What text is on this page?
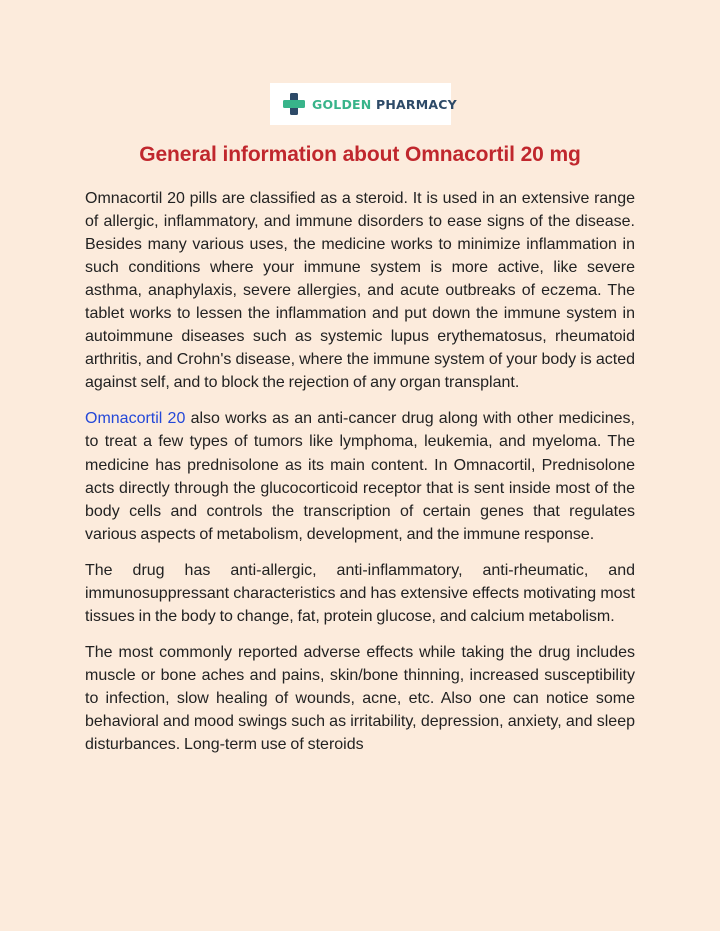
GOLDEN PHARMACY
General information about Omnacortil 20 mg

Omnacortil 20 pills are classified as a steroid. It is used in an extensive range of allergic, inflammatory, and immune disorders to ease signs of the disease. Besides many various uses, the medicine works to minimize inflammation in such conditions where your immune system is more active, like severe asthma, anaphylaxis, severe allergies, and acute outbreaks of eczema. The tablet works to lessen the inflammation and put down the immune system in autoimmune diseases such as systemic lupus erythematosus, rheumatoid arthritis, and Crohn's disease, where the immune system of your body is acted against self, and to block the rejection of any organ transplant.

Omnacortil 20 also works as an anti-cancer drug along with other medicines, to treat a few types of tumors like lymphoma, leukemia, and myeloma. The medicine has prednisolone as its main content. In Omnacortil, Prednisolone acts directly through the glucocorticoid receptor that is sent inside most of the body cells and controls the transcription of certain genes that regulates various aspects of metabolism, development, and the immune response.

The drug has anti-allergic, anti-inflammatory, anti-rheumatic, and immunosuppressant characteristics and has extensive effects motivating most tissues in the body to change, fat, protein glucose, and calcium metabolism.

The most commonly reported adverse effects while taking the drug includes muscle or bone aches and pains, skin/bone thinning, increased susceptibility to infection, slow healing of wounds, acne, etc. Also one can notice some behavioral and mood swings such as irritability, depression, anxiety, and sleep disturbances. Long-term use of steroids
